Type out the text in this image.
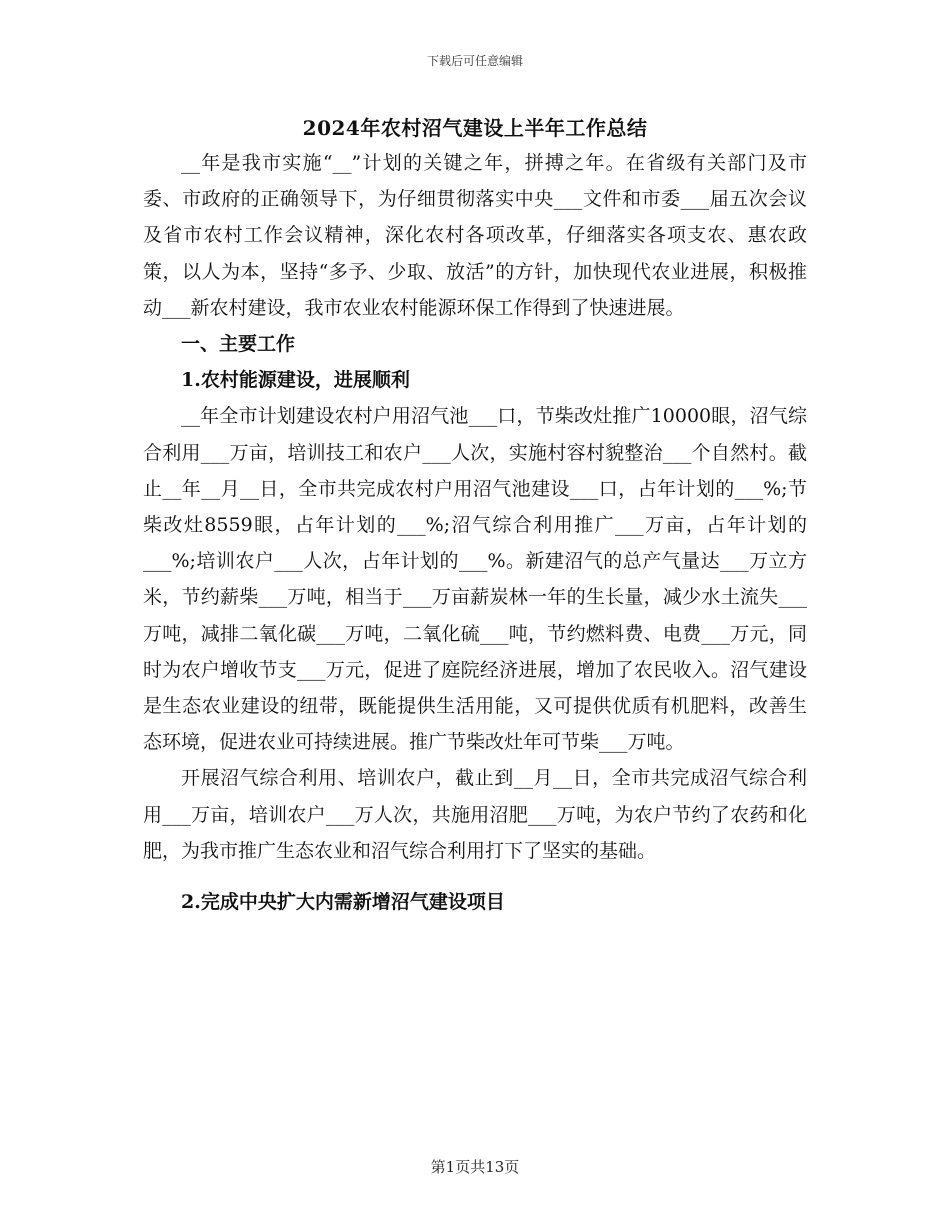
下载后可任意编辑
2024年农村沼气建设上半年工作总结

__年是我市实施“__”计划的关键之年，拼搏之年。在省级有关部门及市委、市政府的正确领导下，为仔细贯彻落实中央___文件和市委___届五次会议及省市农村工作会议精神，深化农村各项改革，仔细落实各项支农、惠农政策，以人为本，坚持“多予、少取、放活”的方针，加快现代农业进展，积极推动___新农村建设，我市农业农村能源环保工作得到了快速进展。

一、主要工作

1.农村能源建设，进展顺利

__年全市计划建设农村户用沼气池___口，节柴改灶推广10000眼，沼气综合利用___万亩，培训技工和农户___人次，实施村容村貌整治___个自然村。截止__年__月__日，全市共完成农村户用沼气池建设___口，占年计划的___%;节柴改灶8559眼，占年计划的___%;沼气综合利用推广___万亩，占年计划的___%;培训农户___人次，占年计划的___%。新建沼气的总产气量达___万立方米，节约薪柴___万吨，相当于___万亩薪炭林一年的生长量，减少水土流失___万吨，减排二氧化碳___万吨，二氧化硫___吨，节约燃料费、电费___万元，同时为农户增收节支___万元，促进了庭院经济进展，增加了农民收入。沼气建设是生态农业建设的纽带，既能提供生活用能，又可提供优质有机肥料，改善生态环境，促进农业可持续进展。推广节柴改灶年可节柴___万吨。

开展沼气综合利用、培训农户，截止到__月__日，全市共完成沼气综合利用___万亩，培训农户___万人次，共施用沼肥___万吨，为农户节约了农药和化肥，为我市推广生态农业和沼气综合利用打下了坚实的基础。

2.完成中央扩大内需新增沼气建设项目

第1页共13页
